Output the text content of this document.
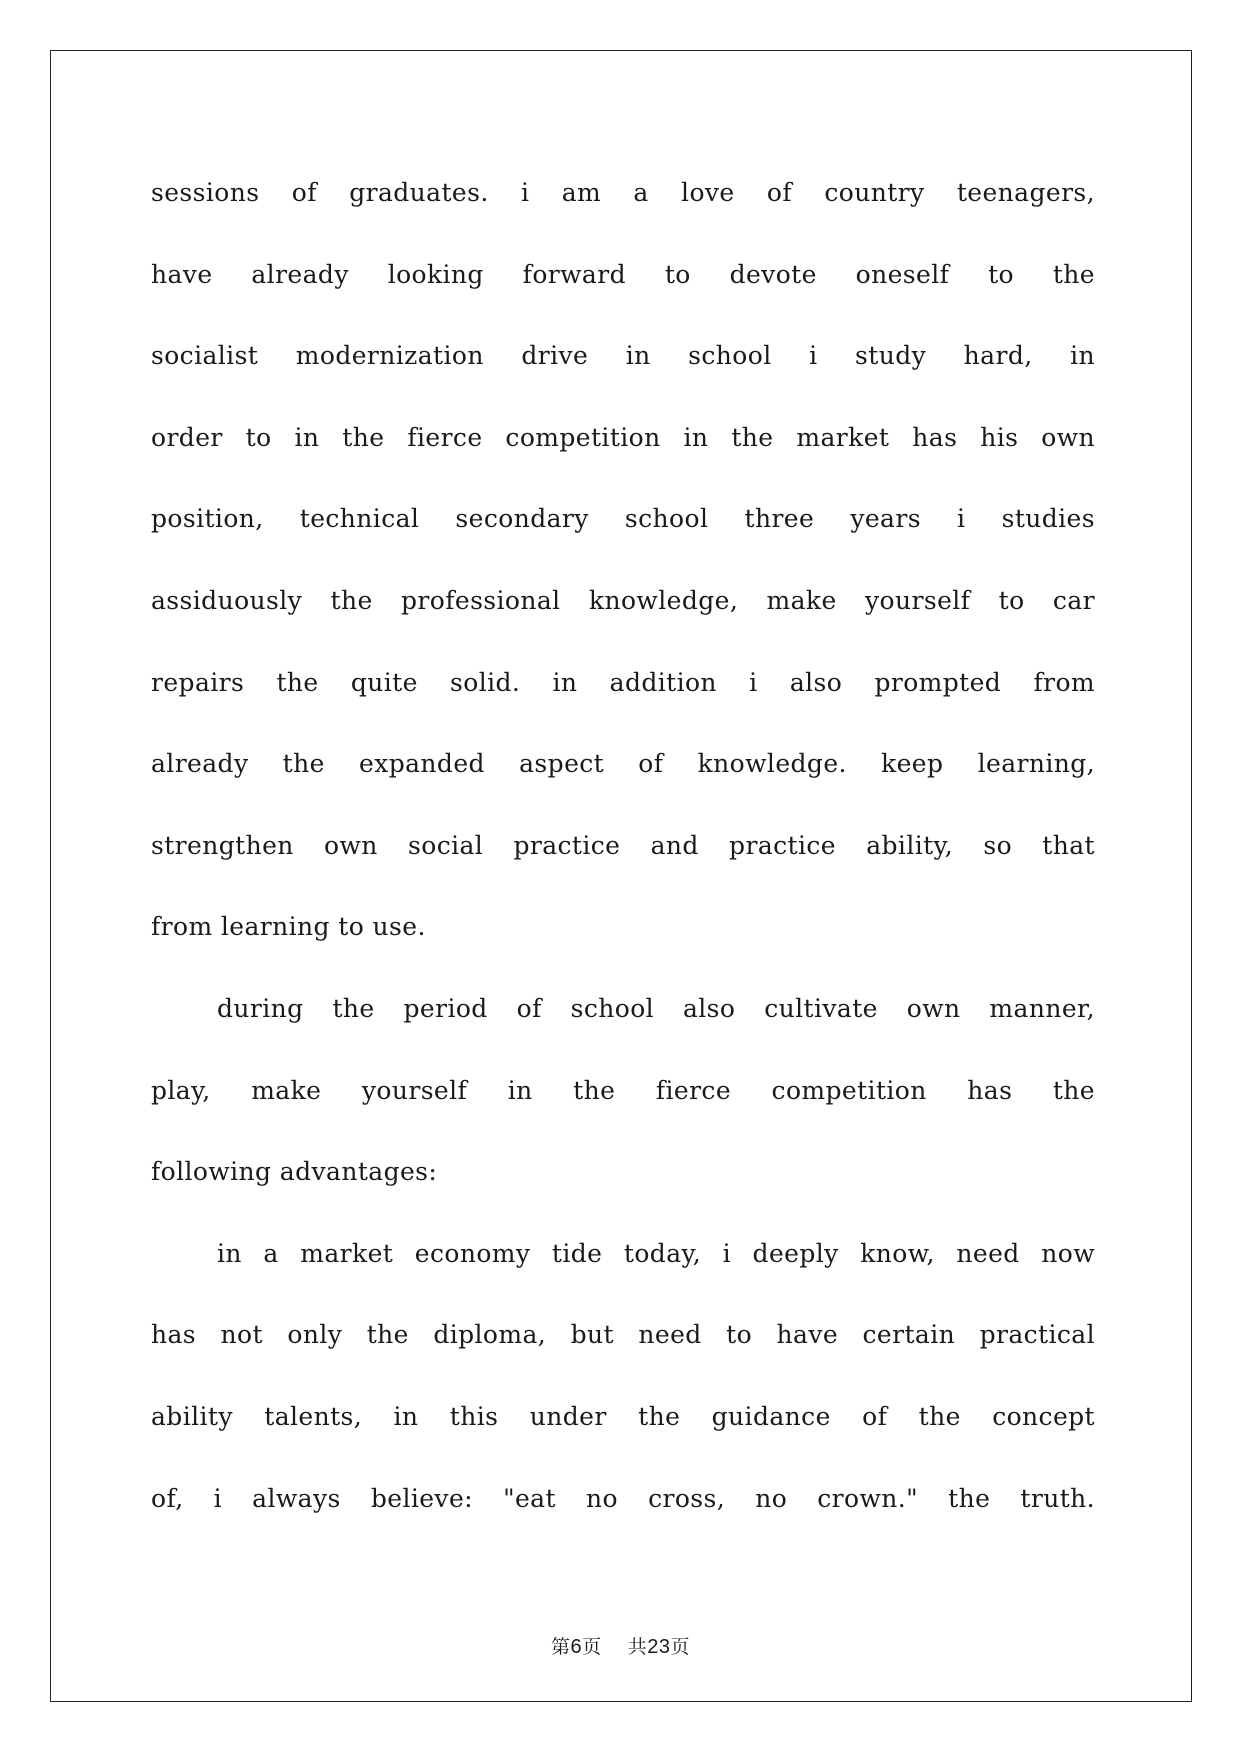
sessions of graduates. i am a love of country teenagers,
have already looking forward to devote oneself to the
socialist modernization drive in school i study hard, in
order to in the fierce competition in the market has his own
position, technical secondary school three years i studies
assiduously the professional knowledge, make yourself to car
repairs the quite solid. in addition i also prompted from
already the expanded aspect of knowledge. keep learning,
strengthen own social practice and practice ability, so that
from learning to use.
during the period of school also cultivate own manner,
play, make yourself in the fierce competition has the
following advantages:
in a market economy tide today, i deeply know, need now
has not only the diploma, but need to have certain practical
ability talents, in this under the guidance of the concept
of, i always believe: "eat no cross, no crown." the truth.
第6页 共23页
